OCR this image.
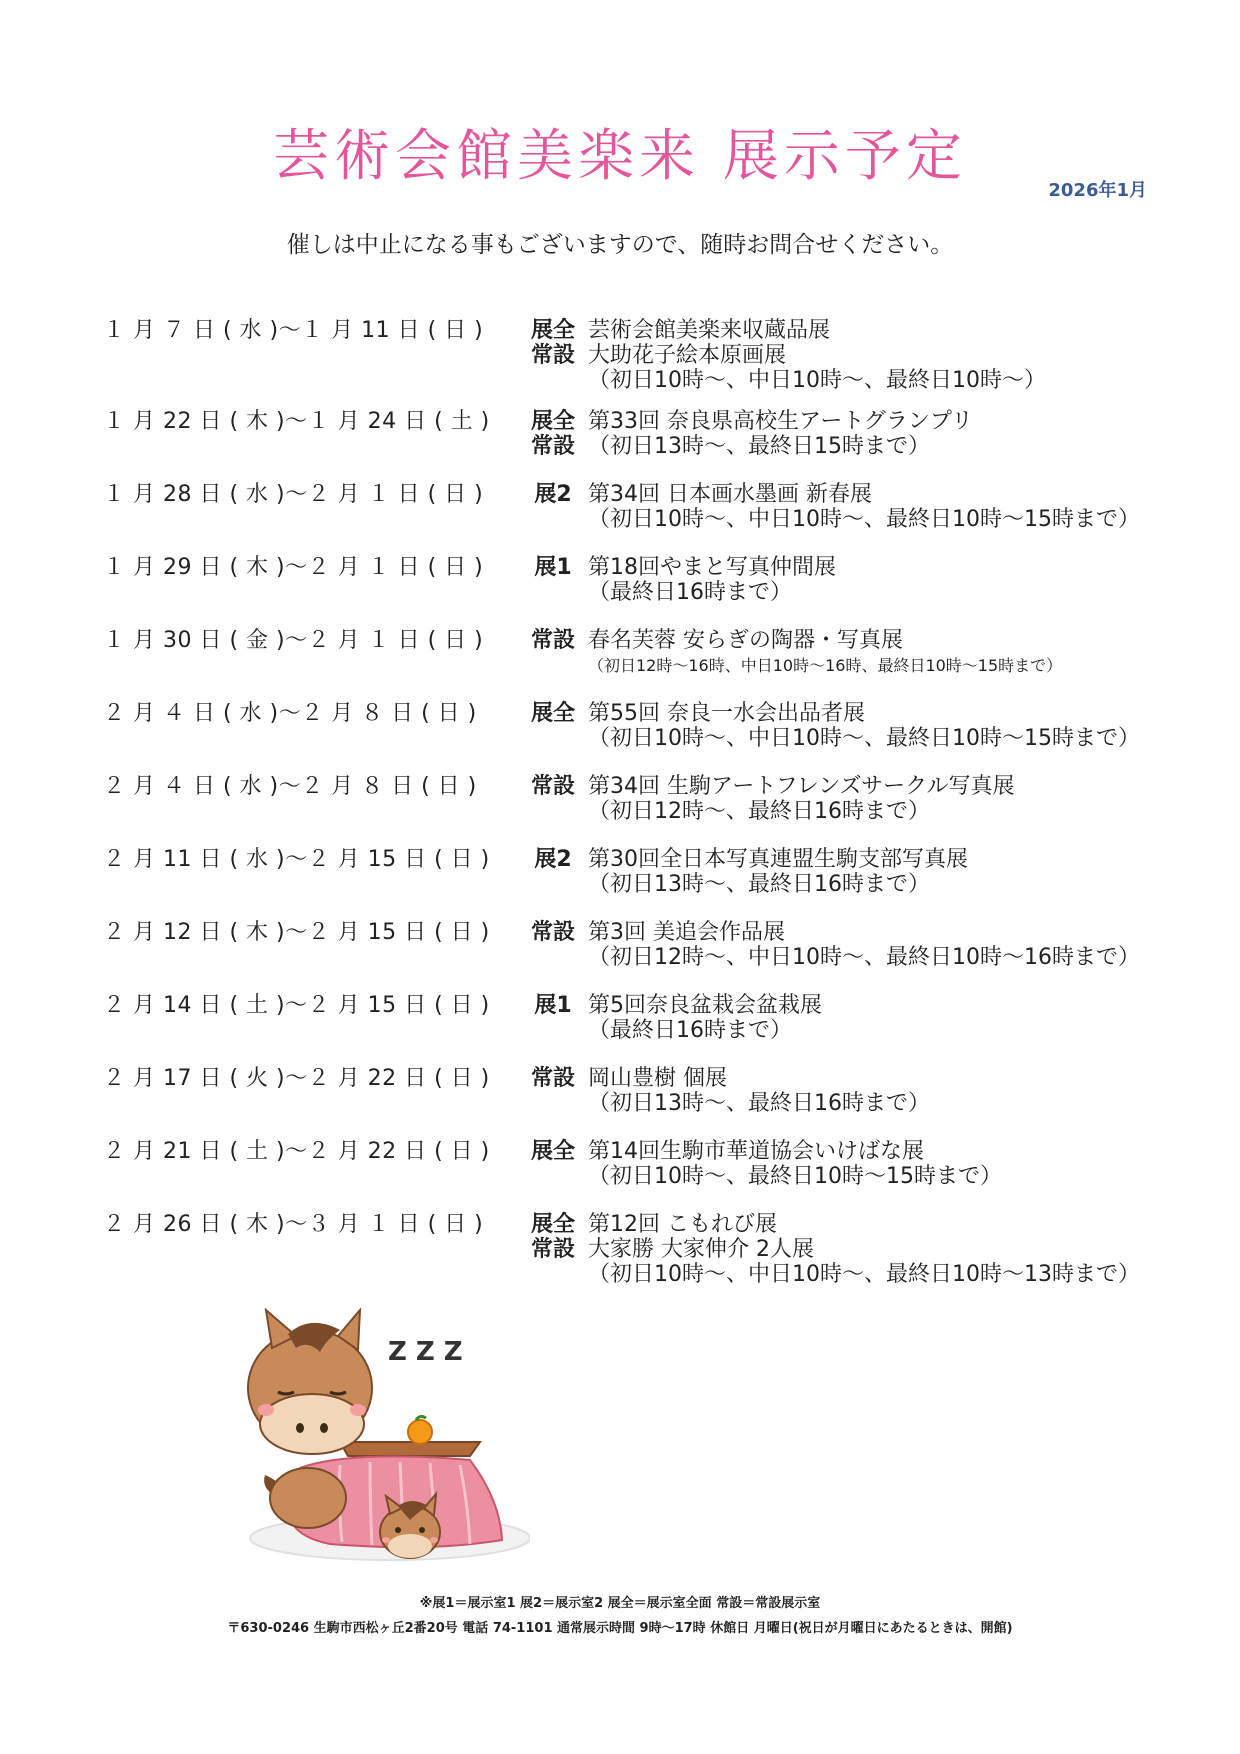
芸術会館美楽来 展示予定
2026年1月
催しは中止になる事もございますので、随時お問合せください。
１ 月 ７ 日 ( 水 )～１ 月 11 日 ( 日 )	展全 芸術会館美楽来収蔵品展
常設 大助花子絵本原画展
（初日10時～、中日10時～、最終日10時～）
１ 月 22 日 ( 木 )～１ 月 24 日 ( 土 )	展全 第33回 奈良県高校生アートグランプリ
常設 （初日13時～、最終日15時まで）
１ 月 28 日 ( 水 )～２ 月 １ 日 ( 日 )	展2 第34回 日本画水墨画 新春展
（初日10時～、中日10時～、最終日10時～15時まで）
１ 月 29 日 ( 木 )～２ 月 １ 日 ( 日 )	展1 第18回やまと写真仲間展
（最終日16時まで）
１ 月 30 日 ( 金 )～２ 月 １ 日 ( 日 )	常設 春名芙蓉 安らぎの陶器・写真展
（初日12時～16時、中日10時～16時、最終日10時～15時まで）
２ 月 ４ 日 ( 水 )～２ 月 ８ 日 ( 日 )	展全 第55回 奈良一水会出品者展
（初日10時～、中日10時～、最終日10時～15時まで）
２ 月 ４ 日 ( 水 )～２ 月 ８ 日 ( 日 )	常設 第34回 生駒アートフレンズサークル写真展
（初日12時～、最終日16時まで）
２ 月 11 日 ( 水 )～２ 月 15 日 ( 日 )	展2 第30回全日本写真連盟生駒支部写真展
（初日13時～、最終日16時まで）
２ 月 12 日 ( 木 )～２ 月 15 日 ( 日 )	常設 第3回 美追会作品展
（初日12時～、中日10時～、最終日10時～16時まで）
２ 月 14 日 ( 土 )～２ 月 15 日 ( 日 )	展1 第5回奈良盆栽会盆栽展
（最終日16時まで）
２ 月 17 日 ( 火 )～２ 月 22 日 ( 日 )	常設 岡山豊樹 個展
（初日13時～、最終日16時まで）
２ 月 21 日 ( 土 )～２ 月 22 日 ( 日 )	展全 第14回生駒市華道協会いけばな展
（初日10時～、最終日10時～15時まで）
２ 月 26 日 ( 木 )～３ 月 １ 日 ( 日 )	展全 第12回 こもれび展
常設 大家勝 大家伸介 2人展
（初日10時～、中日10時～、最終日10時～13時まで）
Z Z Z
※展1＝展示室1 展2＝展示室2 展全＝展示室全面 常設＝常設展示室
〒630-0246 生駒市西松ヶ丘2番20号 電話 74-1101 通常展示時間 9時～17時 休館日 月曜日(祝日が月曜日にあたるときは、開館)
